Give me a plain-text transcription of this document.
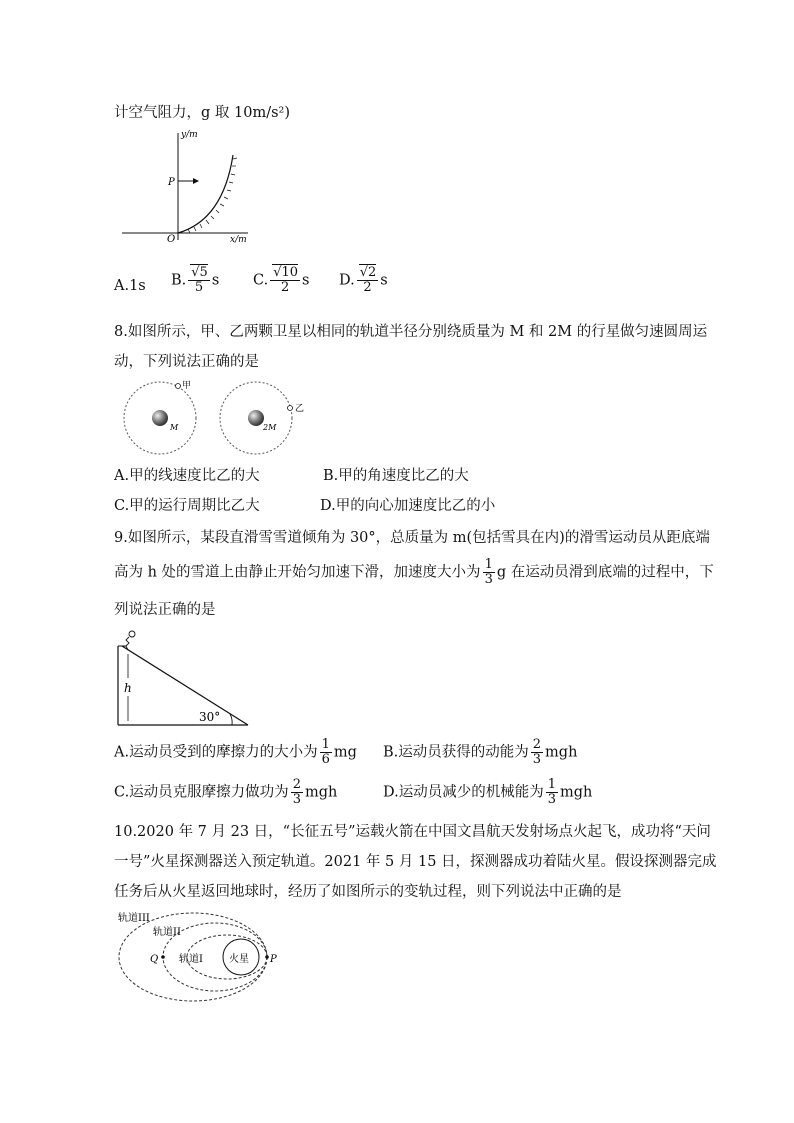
计空气阻力，g 取 10m/s²)
y/m
x/m
O
P
A.1s B. $\frac{√5}{5}$ s C. $\frac{√10}{2}$ s D. $\frac{√2}{2}$ s
8.如图所示，甲、乙两颗卫星以相同的轨道半径分别绕质量为 M 和 2M 的行星做匀速圆周运
动，下列说法正确的是
甲
M
乙
2M
A.甲的线速度比乙的大	B.甲的角速度比乙的大
C.甲的运行周期比乙大	D.甲的向心加速度比乙的小
9.如图所示，某段直滑雪雪道倾角为 30°，总质量为 m(包括雪具在内)的滑雪运动员从距底端
高为 h 处的雪道上由静止开始匀加速下滑，加速度大小为 $\frac{1}{3}$ g 在运动员滑到底端的过程中，下
列说法正确的是
h
30°
A.运动员受到的摩擦力的大小为 $\frac{1}{6}$ mg B.运动员获得的动能为 $\frac{2}{3}$ mgh
C.运动员克服摩擦力做功为 $\frac{2}{3}$ mgh	D.运动员减少的机械能为 $\frac{1}{3}$ mgh
10.2020 年 7 月 23 日，“长征五号”运载火箭在中国文昌航天发射场点火起飞，成功将“天问
一号”火星探测器送入预定轨道。2021 年 5 月 15 日，探测器成功着陆火星。假设探测器完成
任务后从火星返回地球时，经历了如图所示的变轨过程，则下列说法中正确的是
轨道III
轨道II
轨道I	火星
Q	P
